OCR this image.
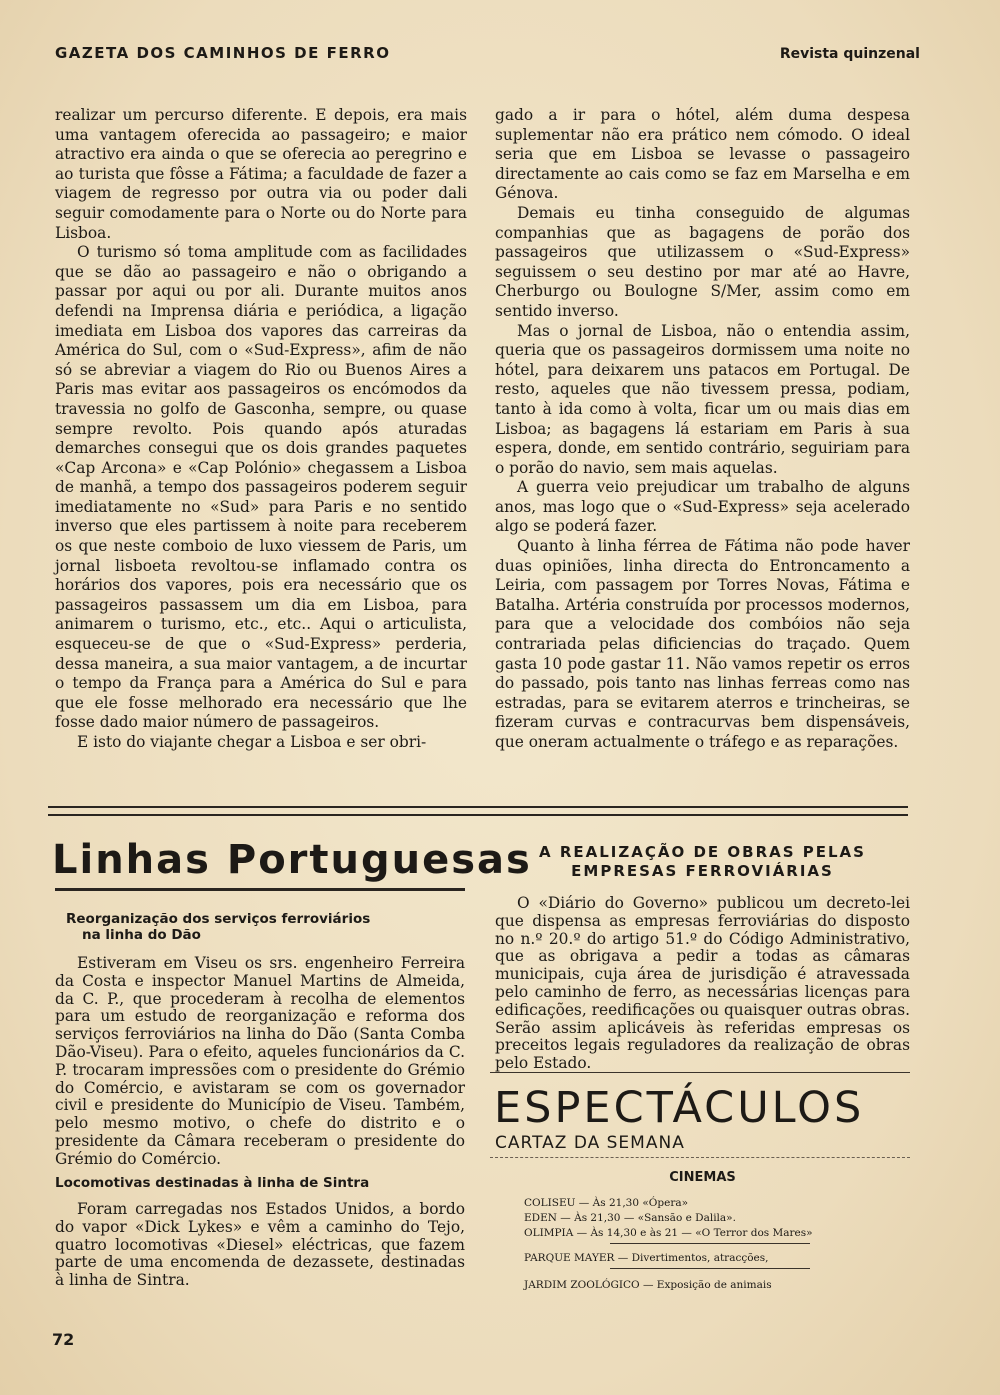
GAZETA DOS CAMINHOS DE FERRO	Revista quinzenal

realizar um percurso diferente. E depois, era mais uma vantagem oferecida ao passageiro; e maior atractivo era ainda o que se oferecia ao peregrino e ao turista que fôsse a Fátima; a faculdade de fazer a viagem de regresso por outra via ou poder dali seguir comodamente para o Norte ou do Norte para Lisboa.

O turismo só toma amplitude com as facilidades que se dão ao passageiro e não o obrigando a passar por aqui ou por ali. Durante muitos anos defendi na Imprensa diária e periódica, a ligação imediata em Lisboa dos vapores das carreiras da América do Sul, com o «Sud-Express», afim de não só se abreviar a viagem do Rio ou Buenos Aires a Paris mas evitar aos passageiros os encómodos da travessia no golfo de Gasconha, sempre, ou quase sempre revolto. Pois quando após aturadas demarches consegui que os dois grandes paquetes «Cap Arcona» e «Cap Polónio» chegassem a Lisboa de manhã, a tempo dos passageiros poderem seguir imediatamente no «Sud» para Paris e no sentido inverso que eles partissem à noite para receberem os que neste comboio de luxo viessem de Paris, um jornal lisboeta revoltou-se inflamado contra os horários dos vapores, pois era necessário que os passageiros passassem um dia em Lisboa, para animarem o turismo, etc., etc.. Aqui o articulista, esqueceu-se de que o «Sud-Express» perderia, dessa maneira, a sua maior vantagem, a de incurtar o tempo da França para a América do Sul e para que ele fosse melhorado era necessário que lhe fosse dado maior número de passageiros.

E isto do viajante chegar a Lisboa e ser obri-

gado a ir para o hótel, além duma despesa suplementar não era prático nem cómodo. O ideal seria que em Lisboa se levasse o passageiro directamente ao cais como se faz em Marselha e em Génova.

Demais eu tinha conseguido de algumas companhias que as bagagens de porão dos passageiros que utilizassem o «Sud-Express» seguissem o seu destino por mar até ao Havre, Cherburgo ou Boulogne S/Mer, assim como em sentido inverso.

Mas o jornal de Lisboa, não o entendia assim, queria que os passageiros dormissem uma noite no hótel, para deixarem uns patacos em Portugal. De resto, aqueles que não tivessem pressa, podiam, tanto à ida como à volta, ficar um ou mais dias em Lisboa; as bagagens lá estariam em Paris à sua espera, donde, em sentido contrário, seguiriam para o porão do navio, sem mais aquelas.

A guerra veio prejudicar um trabalho de alguns anos, mas logo que o «Sud-Express» seja acelerado algo se poderá fazer.

Quanto à linha férrea de Fátima não pode haver duas opiniões, linha directa do Entroncamento a Leiria, com passagem por Torres Novas, Fátima e Batalha. Artéria construída por processos modernos, para que a velocidade dos combóios não seja contrariada pelas dificiencias do traçado. Quem gasta 10 pode gastar 11. Não vamos repetir os erros do passado, pois tanto nas linhas ferreas como nas estradas, para se evitarem aterros e trincheiras, se fizeram curvas e contracurvas bem dispensáveis, que oneram actualmente o tráfego e as reparações.

Linhas Portuguesas
Reorganização dos serviços ferroviários
na linha do Dão

Estiveram em Viseu os srs. engenheiro Ferreira da Costa e inspector Manuel Martins de Almeida, da C. P., que procederam à recolha de elementos para um estudo de reorganização e reforma dos serviços ferroviários na linha do Dão (Santa Comba Dão-Viseu). Para o efeito, aqueles funcionários da C. P. trocaram impressões com o presidente do Grémio do Comércio, e avistaram se com os governador civil e presidente do Município de Viseu. Também, pelo mesmo motivo, o chefe do distrito e o presidente da Câmara receberam o presidente do Grémio do Comércio.

Locomotivas destinadas à linha de Sintra

Foram carregadas nos Estados Unidos, a bordo do vapor «Dick Lykes» e vêm a caminho do Tejo, quatro locomotivas «Diesel» eléctricas, que fazem parte de uma encomenda de dezassete, destinadas à linha de Sintra.

A REALIZAÇÃO DE OBRAS PELAS
EMPRESAS FERROVIÁRIAS

O «Diário do Governo» publicou um decreto-lei que dispensa as empresas ferroviárias do disposto no n.º 20.º do artigo 51.º do Código Administrativo, que as obrigava a pedir a todas as câmaras municipais, cuja área de jurisdição é atravessada pelo caminho de ferro, as necessárias licenças para edificações, reedificações ou quaisquer outras obras. Serão assim aplicáveis às referidas empresas os preceitos legais reguladores da realização de obras pelo Estado.

ESPECTÁCULOS
CARTAZ DA SEMANA
CINEMAS
COLISEU — Às 21,30 «Ópera»
EDEN — Às 21,30 — «Sansão e Dalila».
OLIMPIA — Às 14,30 e às 21 — «O Terror dos Mares»
PARQUE MAYER — Divertimentos, atracções,
JARDIM ZOOLÓGICO — Exposição de animais
72
